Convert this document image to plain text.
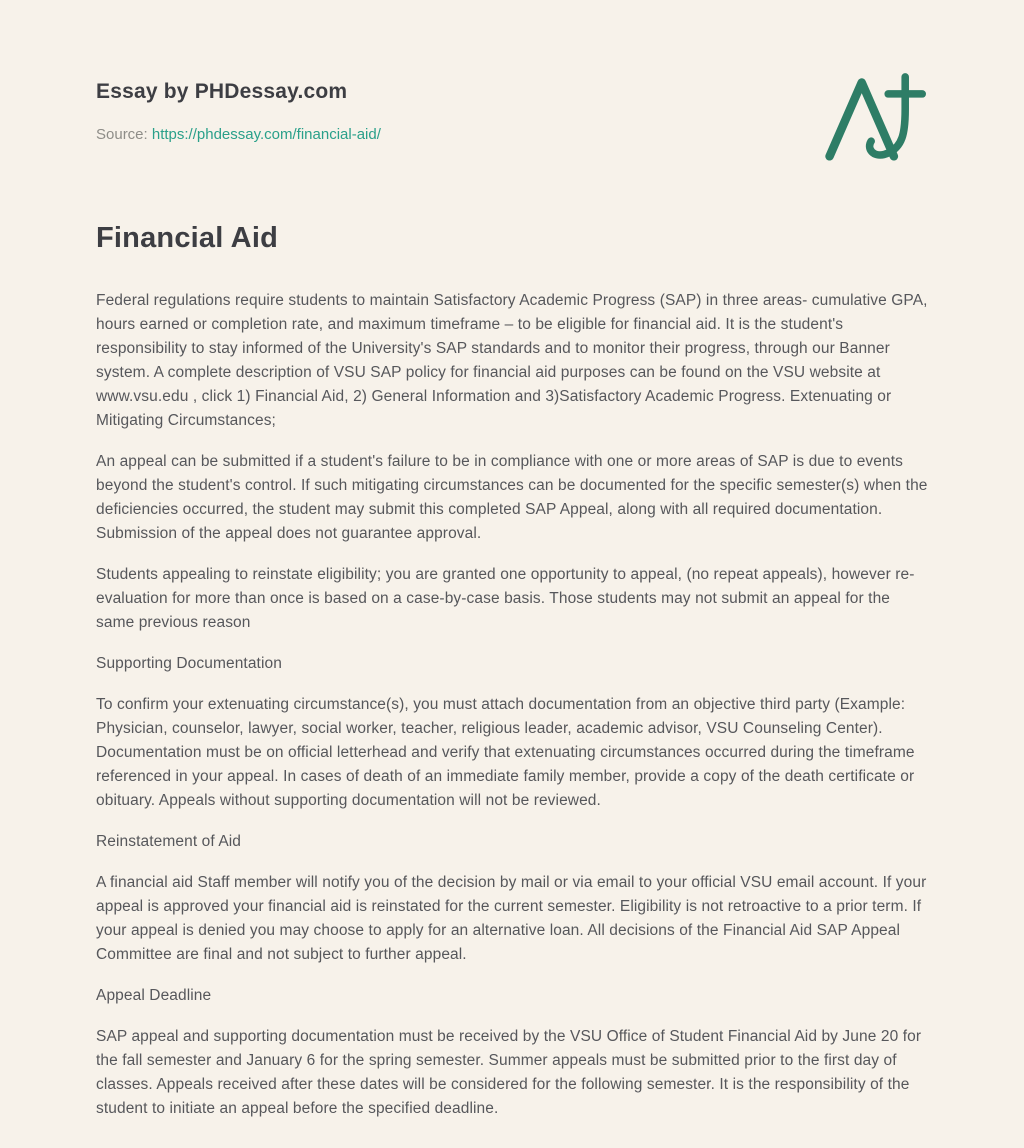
Essay by PHDessay.com
Source: https://phdessay.com/financial-aid/
Financial Aid

Federal regulations require students to maintain Satisfactory Academic Progress (SAP) in three areas- cumulative GPA, hours earned or completion rate, and maximum timeframe – to be eligible for financial aid. It is the student's responsibility to stay informed of the University's SAP standards and to monitor their progress, through our Banner system. A complete description of VSU SAP policy for financial aid purposes can be found on the VSU website at www.vsu.edu , click 1) Financial Aid, 2) General Information and 3)Satisfactory Academic Progress. Extenuating or Mitigating Circumstances;

An appeal can be submitted if a student's failure to be in compliance with one or more areas of SAP is due to events beyond the student's control. If such mitigating circumstances can be documented for the specific semester(s) when the deficiencies occurred, the student may submit this completed SAP Appeal, along with all required documentation. Submission of the appeal does not guarantee approval.

Students appealing to reinstate eligibility; you are granted one opportunity to appeal, (no repeat appeals), however re-evaluation for more than once is based on a case-by-case basis. Those students may not submit an appeal for the same previous reason

Supporting Documentation

To confirm your extenuating circumstance(s), you must attach documentation from an objective third party (Example: Physician, counselor, lawyer, social worker, teacher, religious leader, academic advisor, VSU Counseling Center). Documentation must be on official letterhead and verify that extenuating circumstances occurred during the timeframe referenced in your appeal. In cases of death of an immediate family member, provide a copy of the death certificate or obituary. Appeals without supporting documentation will not be reviewed.

Reinstatement of Aid

A financial aid Staff member will notify you of the decision by mail or via email to your official VSU email account. If your appeal is approved your financial aid is reinstated for the current semester. Eligibility is not retroactive to a prior term. If your appeal is denied you may choose to apply for an alternative loan. All decisions of the Financial Aid SAP Appeal Committee are final and not subject to further appeal.

Appeal Deadline

SAP appeal and supporting documentation must be received by the VSU Office of Student Financial Aid by June 20 for the fall semester and January 6 for the spring semester. Summer appeals must be submitted prior to the first day of classes. Appeals received after these dates will be considered for the following semester. It is the responsibility of the student to initiate an appeal before the specified deadline.
